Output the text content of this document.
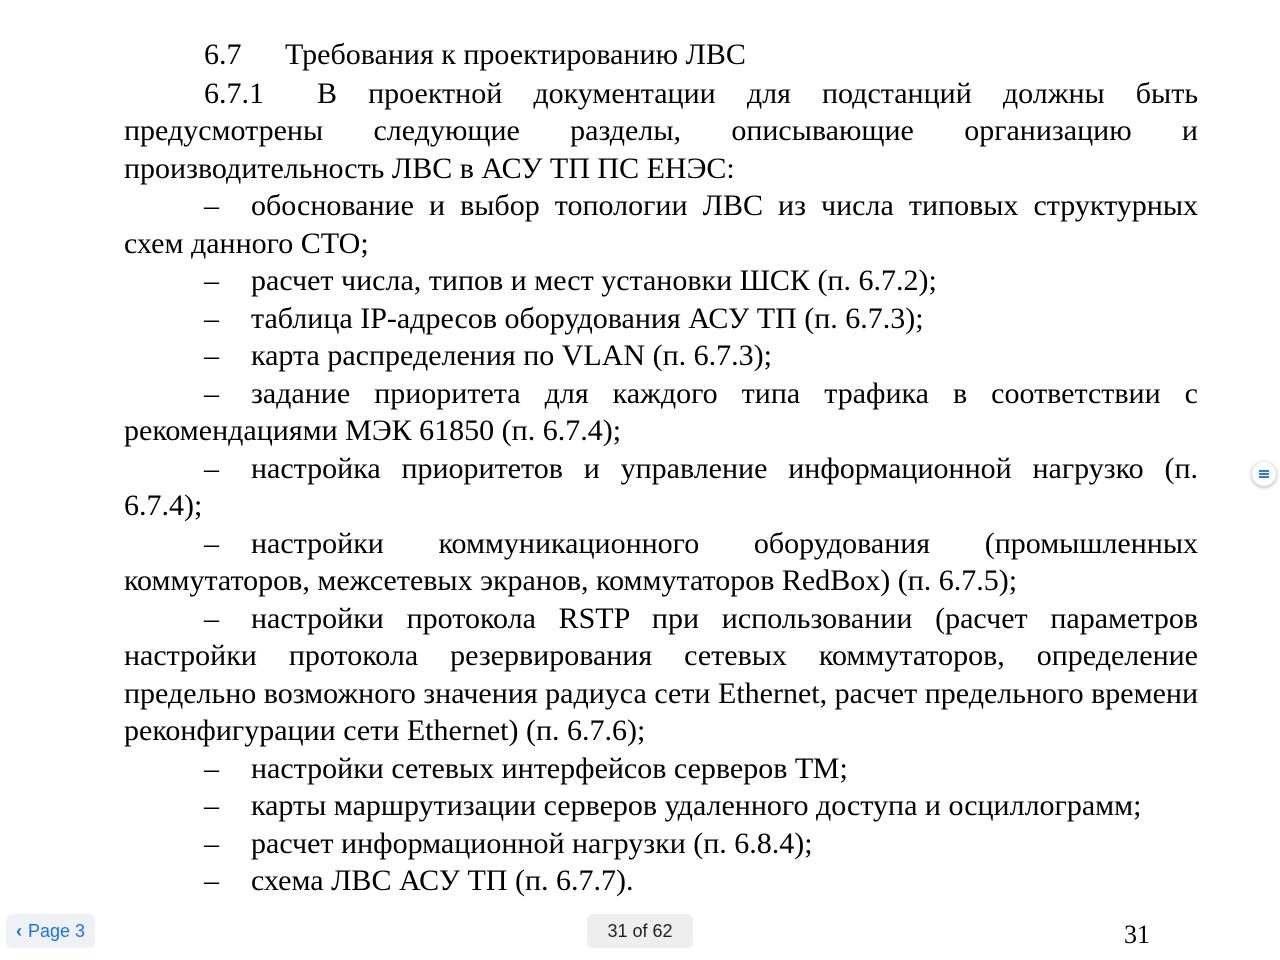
6.7 Требования к проектированию ЛВС

6.7.1 В проектной документации для подстанций должны быть предусмотрены следующие разделы, описывающие организацию и производительность ЛВС в АСУ ТП ПС ЕНЭС:

– обоснование и выбор топологии ЛВС из числа типовых структурных схем данного СТО;

– расчет числа, типов и мест установки ШСК (п. 6.7.2);

– таблица IP-адресов оборудования АСУ ТП (п. 6.7.3);

– карта распределения по VLAN (п. 6.7.3);

– задание приоритета для каждого типа трафика в соответствии с рекомендациями МЭК 61850 (п. 6.7.4);

– настройка приоритетов и управление информационной нагрузко (п. 6.7.4);

– настройки коммуникационного оборудования (промышленных коммутаторов, межсетевых экранов, коммутаторов RedBox) (п. 6.7.5);

– настройки протокола RSTP при использовании (расчет параметров настройки протокола резервирования сетевых коммутаторов, определение предельно возможного значения радиуса сети Ethernet, расчет предельного времени реконфигурации сети Ethernet) (п. 6.7.6);

– настройки сетевых интерфейсов серверов ТМ;

– карты маршрутизации серверов удаленного доступа и осциллограмм;

– расчет информационной нагрузки (п. 6.8.4);

– схема ЛВС АСУ ТП (п. 6.7.7).

‹ Page 3	31 of 62	31
